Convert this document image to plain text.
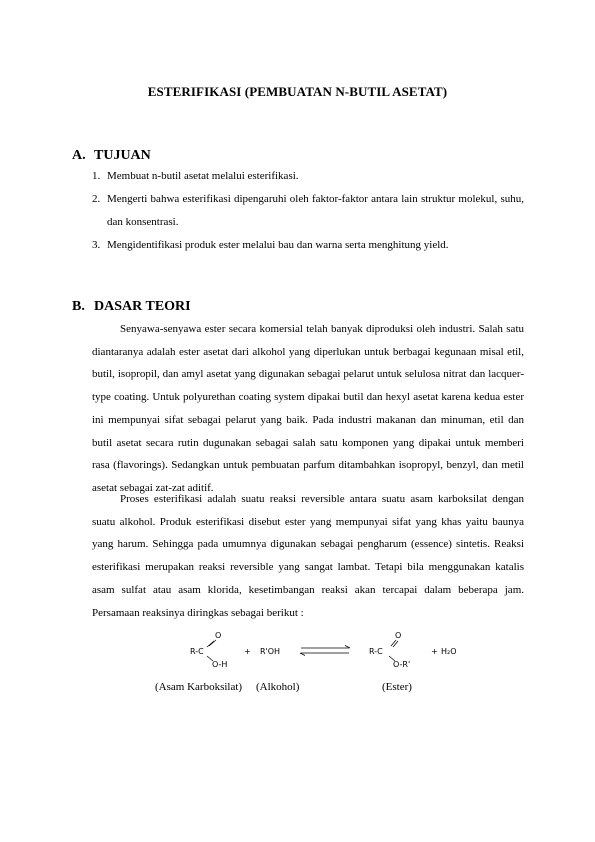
ESTERIFIKASI (PEMBUATAN N-BUTIL ASETAT)
A. TUJUAN
1. Membuat n-butil asetat melalui esterifikasi.
2. Mengerti bahwa esterifikasi dipengaruhi oleh faktor-faktor antara lain struktur molekul, suhu, dan konsentrasi.
3. Mengidentifikasi produk ester melalui bau dan warna serta menghitung yield.
B. DASAR TEORI

Senyawa-senyawa ester secara komersial telah banyak diproduksi oleh industri. Salah satu diantaranya adalah ester asetat dari alkohol yang diperlukan untuk berbagai kegunaan misal etil, butil, isopropil, dan amyl asetat yang digunakan sebagai pelarut untuk selulosa nitrat dan lacquer-type coating. Untuk polyurethan coating system dipakai butil dan hexyl asetat karena kedua ester ini mempunyai sifat sebagai pelarut yang baik. Pada industri makanan dan minuman, etil dan butil asetat secara rutin dugunakan sebagai salah satu komponen yang dipakai untuk memberi rasa (flavorings). Sedangkan untuk pembuatan parfum ditambahkan isopropyl, benzyl, dan metil asetat sebagai zat-zat aditif.

Proses esterifikasi adalah suatu reaksi reversible antara suatu asam karboksilat dengan suatu alkohol. Produk esterifikasi disebut ester yang mempunyai sifat yang khas yaitu baunya yang harum. Sehingga pada umumnya digunakan sebagai pengharum (essence) sintetis. Reaksi esterifikasi merupakan reaksi reversible yang sangat lambat. Tetapi bila menggunakan katalis asam sulfat atau asam klorida, kesetimbangan reaksi akan tercapai dalam beberapa jam. Persamaan reaksinya diringkas sebagai berikut :

O
R-C
O-H
+ R'OH
O
R-C
O-R'
+ H₂O
(Asam Karboksilat) (Alkohol)	(Ester)
